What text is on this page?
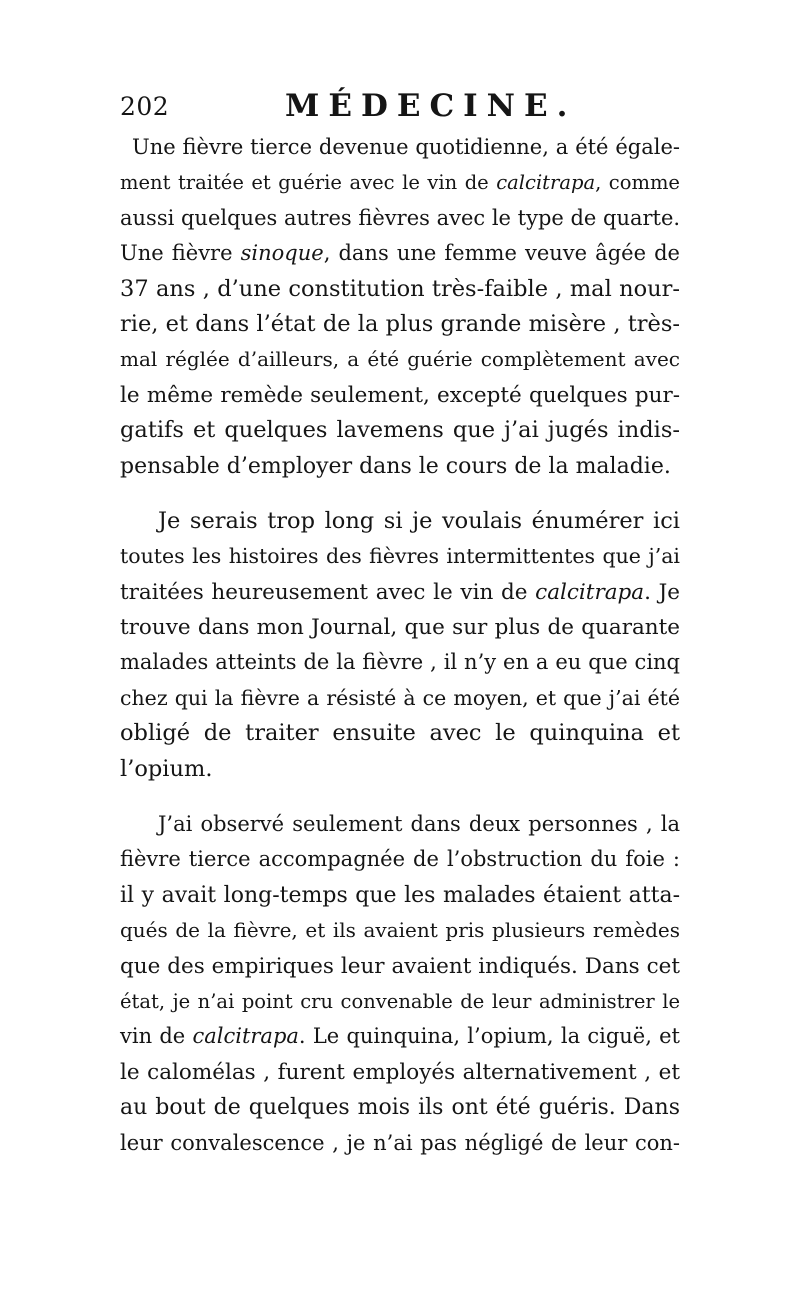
202	MÉDECINE.

Une fièvre tierce devenue quotidienne, a été égale-
ment traitée et guérie avec le vin de calcitrapa, comme
aussi quelques autres fièvres avec le type de quarte.
Une fièvre sinoque, dans une femme veuve âgée de
37 ans , d’une constitution très-faible , mal nour-
rie, et dans l’état de la plus grande misère , très-
mal réglée d’ailleurs, a été guérie complètement avec
le même remède seulement, excepté quelques pur-
gatifs et quelques lavemens que j’ai jugés indis-
pensable d’employer dans le cours de la maladie.

Je serais trop long si je voulais énumérer ici
toutes les histoires des fièvres intermittentes que j’ai
traitées heureusement avec le vin de calcitrapa. Je
trouve dans mon Journal, que sur plus de quarante
malades atteints de la fièvre , il n’y en a eu que cinq
chez qui la fièvre a résisté à ce moyen, et que j’ai été
obligé de traiter ensuite avec le quinquina et
l’opium.

J’ai observé seulement dans deux personnes , la
fièvre tierce accompagnée de l’obstruction du foie :
il y avait long-temps que les malades étaient atta-
qués de la fièvre, et ils avaient pris plusieurs remèdes
que des empiriques leur avaient indiqués. Dans cet
état, je n’ai point cru convenable de leur administrer le
vin de calcitrapa. Le quinquina, l’opium, la ciguë, et
le calomélas , furent employés alternativement , et
au bout de quelques mois ils ont été guéris. Dans
leur convalescence , je n’ai pas négligé de leur con-
